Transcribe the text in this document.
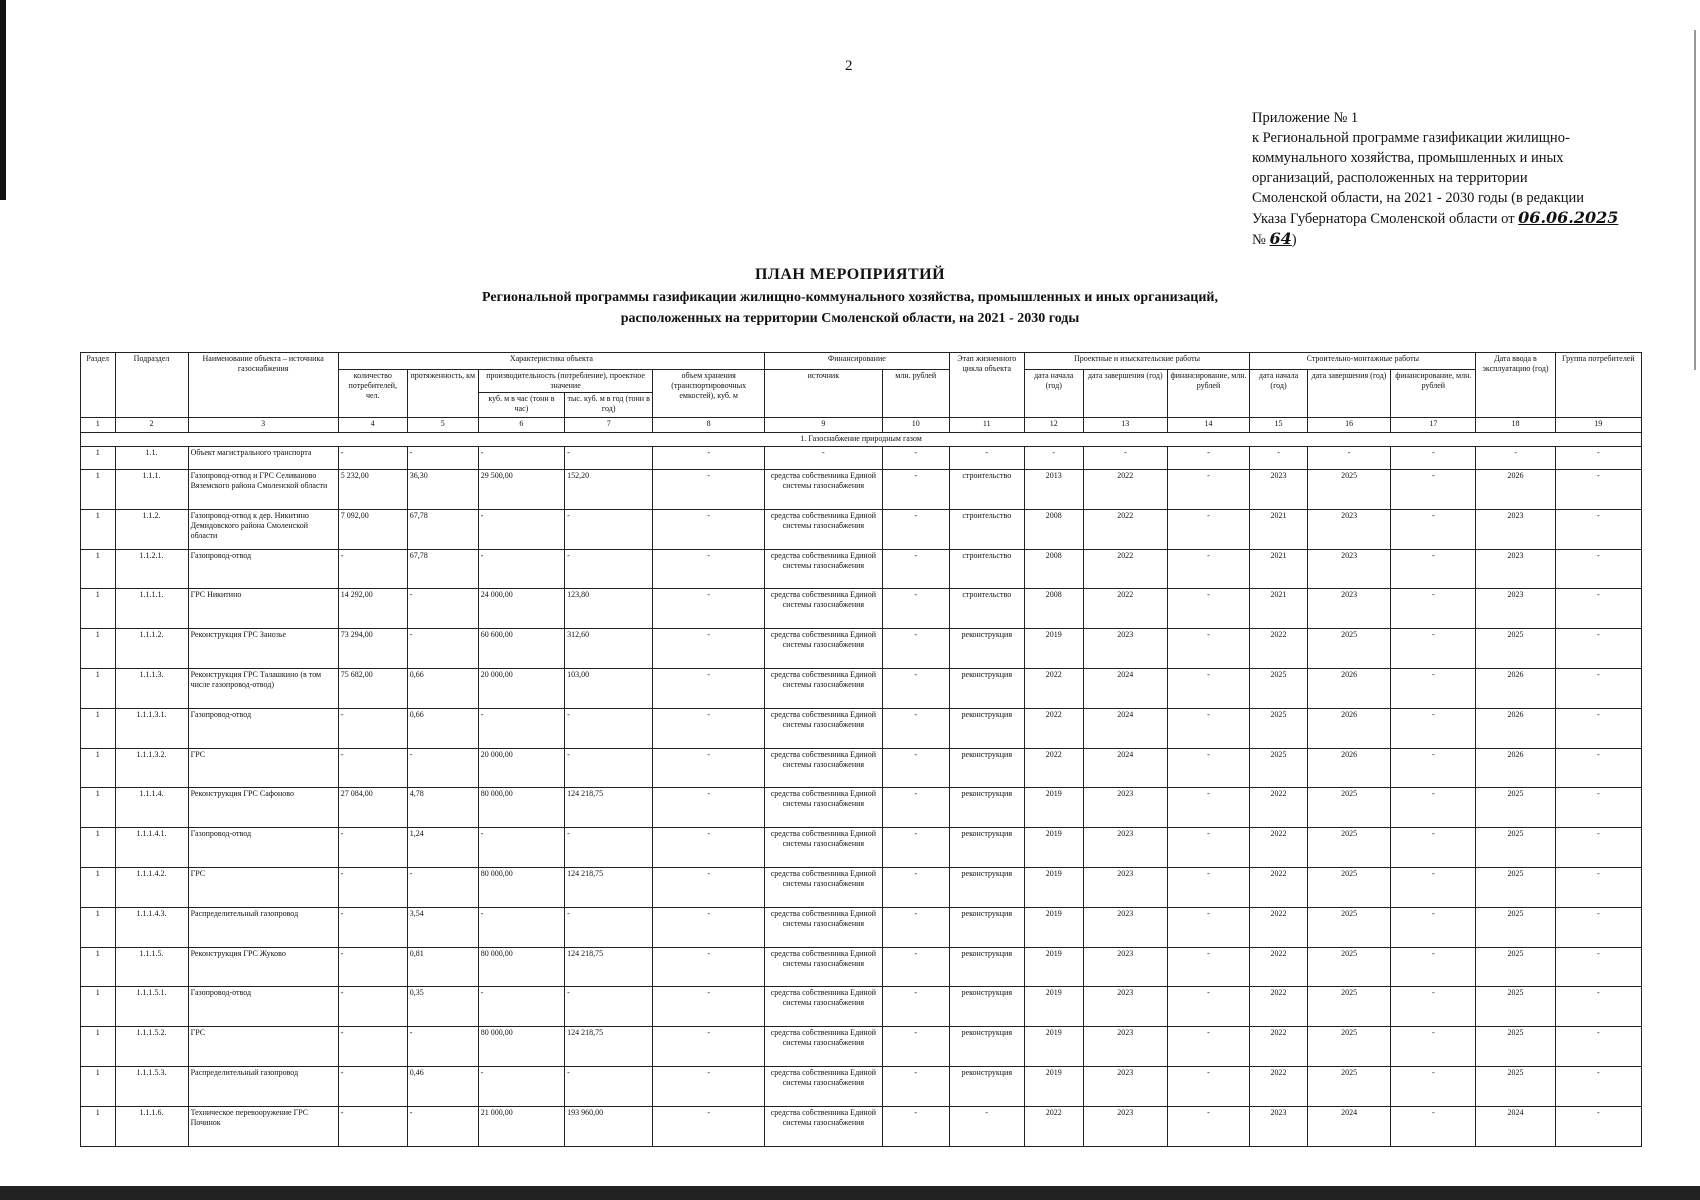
2
Приложение № 1
к Региональной программе газификации жилищно-
коммунального хозяйства, промышленных и иных
организаций, расположенных на территории
Смоленской области, на 2021 - 2030 годы (в редакции
Указа Губернатора Смоленской области от 06.06.2025
№ 64)
ПЛАН МЕРОПРИЯТИЙ
Региональной программы газификации жилищно-коммунального хозяйства, промышленных и иных организаций,
расположенных на территории Смоленской области, на 2021 - 2030 годы
Раздел	Подраздел	Наименование объекта – источника газоснабжения	Характеристика объекта					Финансирование		Этап жизненного цикла объекта	Проектные и изыскательские работы			Строительно-монтажные работы			Дата ввода в эксплуатацию (год)	Группа потребителей
			количество потребителей, чел.	протяженность, км	производительность (потребление), проектное значение		объем хранения (транспортировочных емкостей), куб. м	источник	млн. рублей		дата начала (год)	дата завершения (год)	финансирование, млн. рублей	дата начала (год)	дата завершения (год)	финансирование, млн. рублей		
					куб. м в час (тонн в час)	тыс. куб. м в год (тонн в год)												
1	2	3	4	5	6	7	8	9	10	11	12	13	14	15	16	17	18	19
1. Газоснабжение природным газом																		
1	1.1.	Объект магистрального транспорта	-	-	-	-	-	-	-	-	-	-	-	-	-	-	-	-
1	1.1.1.	Газопровод-отвод и ГРС Селиваново Вяземского района Смоленской области	5 232,00	36,30	29 500,00	152,20	-	средства собственника Единой системы газоснабжения	-	строительство	2013	2022	-	2023	2025	-	2026	-
1	1.1.2.	Газопровод-отвод к дер. Никитино Демидовского района Смоленской области	7 092,00	67,78	-	-	-	средства собственника Единой системы газоснабжения	-	строительство	2008	2022	-	2021	2023	-	2023	-
1	1.1.2.1.	Газопровод-отвод	-	67,78	-	-	-	средства собственника Единой системы газоснабжения	-	строительство	2008	2022	-	2021	2023	-	2023	-
1	1.1.1.1.	ГРС Никитино	14 292,00	-	24 000,00	123,80	-	средства собственника Единой системы газоснабжения	-	строительство	2008	2022	-	2021	2023	-	2023	-
1	1.1.1.2.	Реконструкция ГРС Занозье	73 294,00	-	60 600,00	312,60	-	средства собственника Единой системы газоснабжения	-	реконструкция	2019	2023	-	2022	2025	-	2025	-
1	1.1.1.3.	Реконструкция ГРС Талашкино (в том числе газопровод-отвод)	75 682,00	0,66	20 000,00	103,00	-	средства собственника Единой системы газоснабжения	-	реконструкция	2022	2024	-	2025	2026	-	2026	-
1	1.1.1.3.1.	Газопровод-отвод	-	0,66	-	-	-	средства собственника Единой системы газоснабжения	-	реконструкция	2022	2024	-	2025	2026	-	2026	-
1	1.1.1.3.2.	ГРС	-	-	20 000,00	-	-	средства собственника Единой системы газоснабжения	-	реконструкция	2022	2024	-	2025	2026	-	2026	-
1	1.1.1.4.	Реконструкция ГРС Сафоново	27 084,00	4,78	80 000,00	124 218,75	-	средства собственника Единой системы газоснабжения	-	реконструкция	2019	2023	-	2022	2025	-	2025	-
1	1.1.1.4.1.	Газопровод-отвод	-	1,24	-	-	-	средства собственника Единой системы газоснабжения	-	реконструкция	2019	2023	-	2022	2025	-	2025	-
1	1.1.1.4.2.	ГРС	-	-	80 000,00	124 218,75	-	средства собственника Единой системы газоснабжения	-	реконструкция	2019	2023	-	2022	2025	-	2025	-
1	1.1.1.4.3.	Распределительный газопровод	-	3,54	-	-	-	средства собственника Единой системы газоснабжения	-	реконструкция	2019	2023	-	2022	2025	-	2025	-
1	1.1.1.5.	Реконструкция ГРС Жуково	-	0,81	80 000,00	124 218,75	-	средства собственника Единой системы газоснабжения	-	реконструкция	2019	2023	-	2022	2025	-	2025	-
1	1.1.1.5.1.	Газопровод-отвод	-	0,35	-	-	-	средства собственника Единой системы газоснабжения	-	реконструкция	2019	2023	-	2022	2025	-	2025	-
1	1.1.1.5.2.	ГРС	-	-	80 000,00	124 218,75	-	средства собственника Единой системы газоснабжения	-	реконструкция	2019	2023	-	2022	2025	-	2025	-
1	1.1.1.5.3.	Распределительный газопровод	-	0,46	-	-	-	средства собственника Единой системы газоснабжения	-	реконструкция	2019	2023	-	2022	2025	-	2025	-
1	1.1.1.6.	Техническое перевооружение ГРС Починок	-	-	21 000,00	193 960,00	-	средства собственника Единой системы газоснабжения	-	-	2022	2023	-	2023	2024	-	2024	-
